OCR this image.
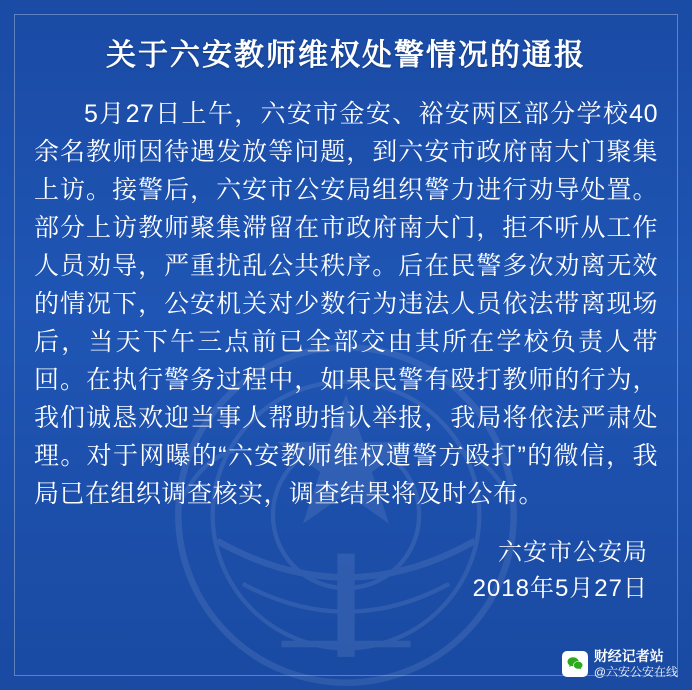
关于六安教师维权处警情况的通报

5月27日上午，六安市金安、裕安两区部分学校40余名教师因待遇发放等问题，到六安市政府南大门聚集上访。接警后，六安市公安局组织警力进行劝导处置。部分上访教师聚集滞留在市政府南大门，拒不听从工作人员劝导，严重扰乱公共秩序。后在民警多次劝离无效的情况下，公安机关对少数行为违法人员依法带离现场后，当天下午三点前已全部交由其所在学校负责人带回。在执行警务过程中，如果民警有殴打教师的行为，我们诚恳欢迎当事人帮助指认举报，我局将依法严肃处理。对于网曝的“六安教师维权遭警方殴打”的微信，我局已在组织调查核实，调查结果将及时公布。

六安市公安局
2018年5月27日
财经记者站
@六安公安在线
